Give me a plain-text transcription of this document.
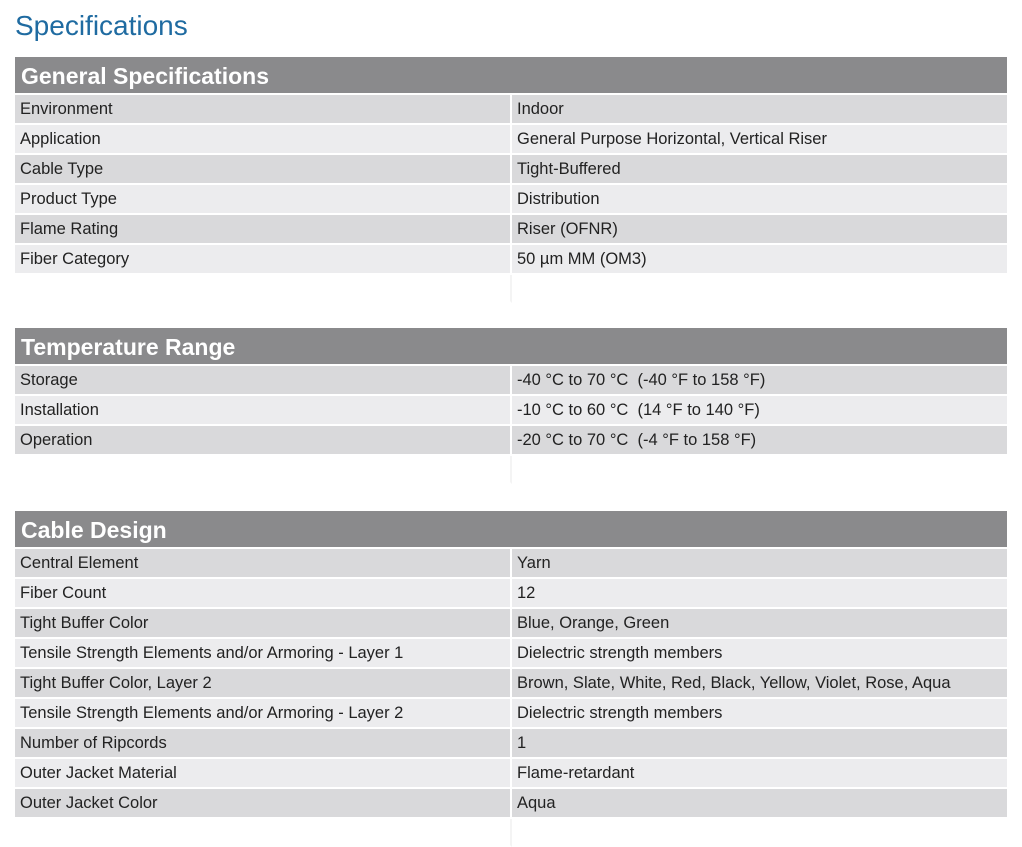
Specifications
General Specifications
Environment	Indoor
Application	General Purpose Horizontal, Vertical Riser
Cable Type	Tight-Buffered
Product Type	Distribution
Flame Rating	Riser (OFNR)
Fiber Category	50 µm MM (OM3)

Temperature Range
Storage	-40 °C to 70 °C  (-40 °F to 158 °F)
Installation	-10 °C to 60 °C  (14 °F to 140 °F)
Operation	-20 °C to 70 °C  (-4 °F to 158 °F)

Cable Design
Central Element	Yarn
Fiber Count	12
Tight Buffer Color	Blue, Orange, Green
Tensile Strength Elements and/or Armoring - Layer 1	Dielectric strength members
Tight Buffer Color, Layer 2	Brown, Slate, White, Red, Black, Yellow, Violet, Rose, Aqua
Tensile Strength Elements and/or Armoring - Layer 2	Dielectric strength members
Number of Ripcords	1
Outer Jacket Material	Flame-retardant
Outer Jacket Color	Aqua
